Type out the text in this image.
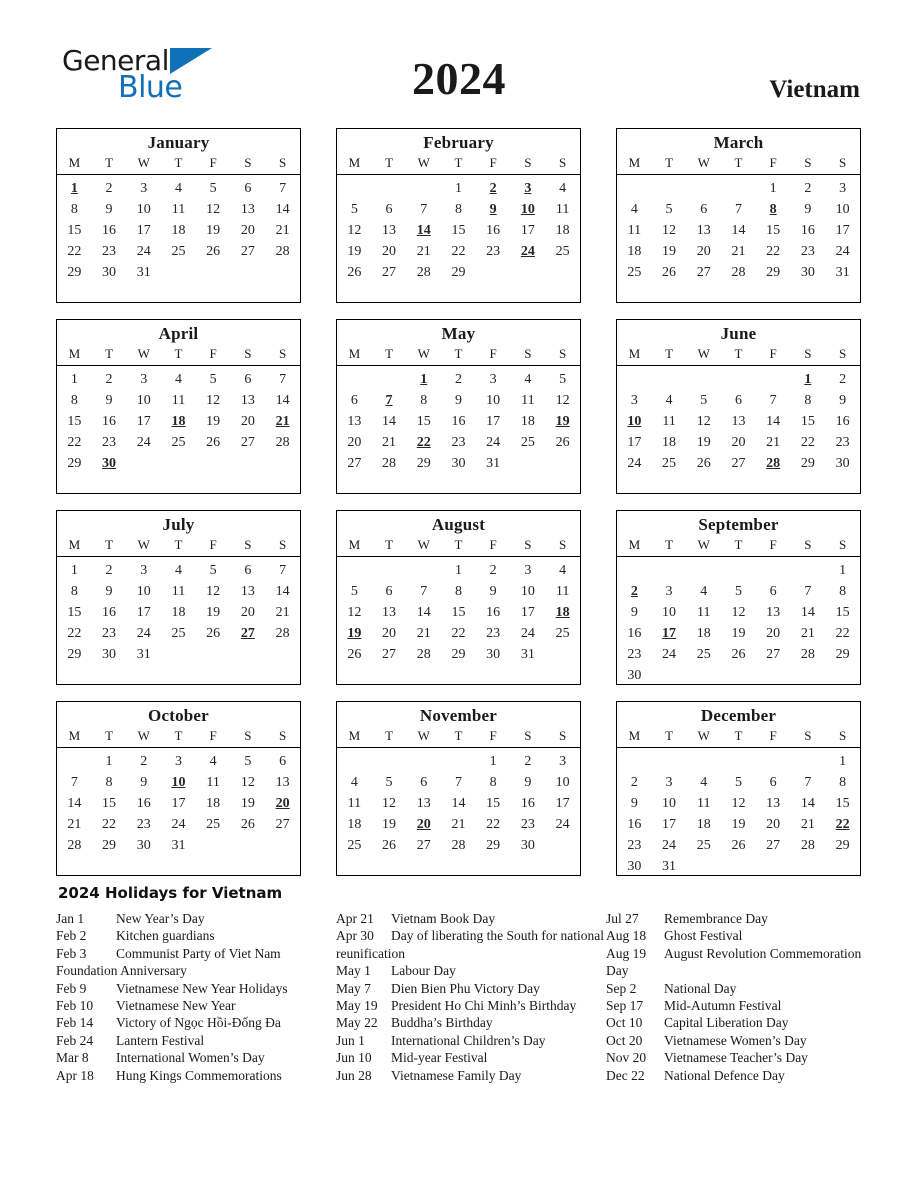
General
Blue	2024	Vietnam
January
M	T	W	T	F	S	S
1	2	3	4	5	6	7
8	9	10	11	12	13	14
15	16	17	18	19	20	21
22	23	24	25	26	27	28
29	30	31				
February
M	T	W	T	F	S	S
			1	2	3	4
5	6	7	8	9	10	11
12	13	14	15	16	17	18
19	20	21	22	23	24	25
26	27	28	29			
March
M	T	W	T	F	S	S
				1	2	3
4	5	6	7	8	9	10
11	12	13	14	15	16	17
18	19	20	21	22	23	24
25	26	27	28	29	30	31
April
M	T	W	T	F	S	S
1	2	3	4	5	6	7
8	9	10	11	12	13	14
15	16	17	18	19	20	21
22	23	24	25	26	27	28
29	30					
May
M	T	W	T	F	S	S
		1	2	3	4	5
6	7	8	9	10	11	12
13	14	15	16	17	18	19
20	21	22	23	24	25	26
27	28	29	30	31		
June
M	T	W	T	F	S	S
					1	2
3	4	5	6	7	8	9
10	11	12	13	14	15	16
17	18	19	20	21	22	23
24	25	26	27	28	29	30
July
M	T	W	T	F	S	S
1	2	3	4	5	6	7
8	9	10	11	12	13	14
15	16	17	18	19	20	21
22	23	24	25	26	27	28
29	30	31				
August
M	T	W	T	F	S	S
			1	2	3	4
5	6	7	8	9	10	11
12	13	14	15	16	17	18
19	20	21	22	23	24	25
26	27	28	29	30	31	
September
M	T	W	T	F	S	S
						1
2	3	4	5	6	7	8
9	10	11	12	13	14	15
16	17	18	19	20	21	22
23	24	25	26	27	28	29
30						
October
M	T	W	T	F	S	S
	1	2	3	4	5	6
7	8	9	10	11	12	13
14	15	16	17	18	19	20
21	22	23	24	25	26	27
28	29	30	31			
November
M	T	W	T	F	S	S
				1	2	3
4	5	6	7	8	9	10
11	12	13	14	15	16	17
18	19	20	21	22	23	24
25	26	27	28	29	30	
December
M	T	W	T	F	S	S
						1
2	3	4	5	6	7	8
9	10	11	12	13	14	15
16	17	18	19	20	21	22
23	24	25	26	27	28	29
30	31					
2024 Holidays for Vietnam
Jan 1 New Year’s Day
Feb 2 Kitchen guardians
Feb 3 Communist Party of Viet Nam Foundation Anniversary
Feb 9 Vietnamese New Year Holidays
Feb 10 Vietnamese New Year
Feb 14 Victory of Ngọc Hồi-Đống Đa
Feb 24 Lantern Festival
Mar 8 International Women’s Day
Apr 18 Hung Kings Commemorations
Apr 21 Vietnam Book Day
Apr 30 Day of liberating the South for national reunification
May 1 Labour Day
May 7 Dien Bien Phu Victory Day
May 19 President Ho Chi Minh’s Birthday
May 22 Buddha’s Birthday
Jun 1 International Children’s Day
Jun 10 Mid-year Festival
Jun 28 Vietnamese Family Day
Jul 27 Remembrance Day
Aug 18 Ghost Festival
Aug 19 August Revolution Commemoration Day
Sep 2 National Day
Sep 17 Mid-Autumn Festival
Oct 10 Capital Liberation Day
Oct 20 Vietnamese Women’s Day
Nov 20 Vietnamese Teacher’s Day
Dec 22 National Defence Day
